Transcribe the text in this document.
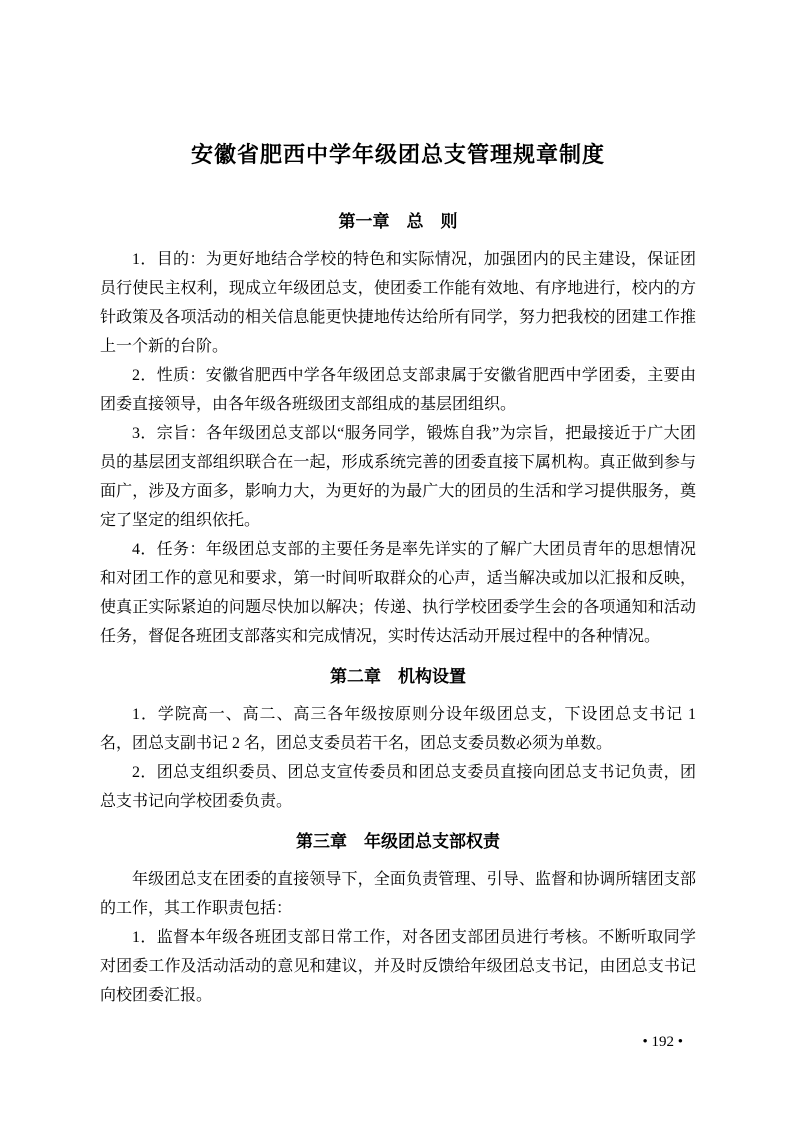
安徽省肥西中学年级团总支管理规章制度
第一章　总　则

1．目的：为更好地结合学校的特色和实际情况，加强团内的民主建设，保证团员行使民主权利，现成立年级团总支，使团委工作能有效地、有序地进行，校内的方针政策及各项活动的相关信息能更快捷地传达给所有同学，努力把我校的团建工作推上一个新的台阶。

2．性质：安徽省肥西中学各年级团总支部隶属于安徽省肥西中学团委，主要由团委直接领导，由各年级各班级团支部组成的基层团组织。

3．宗旨：各年级团总支部以“服务同学，锻炼自我”为宗旨，把最接近于广大团员的基层团支部组织联合在一起，形成系统完善的团委直接下属机构。真正做到参与面广，涉及方面多，影响力大，为更好的为最广大的团员的生活和学习提供服务，奠定了坚定的组织依托。

4．任务：年级团总支部的主要任务是率先详实的了解广大团员青年的思想情况和对团工作的意见和要求，第一时间听取群众的心声，适当解决或加以汇报和反映，使真正实际紧迫的问题尽快加以解决；传递、执行学校团委学生会的各项通知和活动任务，督促各班团支部落实和完成情况，实时传达活动开展过程中的各种情况。

第二章　机构设置

1．学院高一、高二、高三各年级按原则分设年级团总支，下设团总支书记 1 名，团总支副书记 2 名，团总支委员若干名，团总支委员数必须为单数。

2．团总支组织委员、团总支宣传委员和团总支委员直接向团总支书记负责，团总支书记向学校团委负责。

第三章　年级团总支部权责

年级团总支在团委的直接领导下，全面负责管理、引导、监督和协调所辖团支部的工作，其工作职责包括：

1．监督本年级各班团支部日常工作，对各团支部团员进行考核。不断听取同学对团委工作及活动活动的意见和建议，并及时反馈给年级团总支书记，由团总支书记向校团委汇报。

• 192 •
